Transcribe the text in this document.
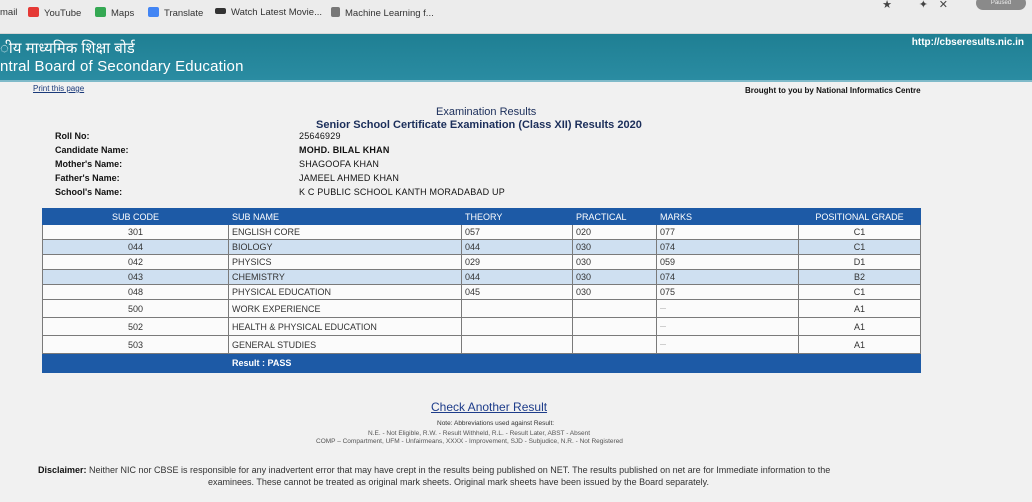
mail	YouTube	Maps	Translate	Watch Latest Movie...	Machine Learning f...
★ ✦ ✕	Paused
ीय माध्यमिक शिक्षा बोर्ड
ntral Board of Secondary Education
http://cbseresults.nic.in
Print this page	Brought to you by National Informatics Centre
Examination Results
Senior School Certificate Examination (Class XII) Results 2020
Roll No:	25646929
Candidate Name:	MOHD. BILAL KHAN
Mother's Name:	SHAGOOFA KHAN
Father's Name:	JAMEEL AHMED KHAN
School's Name:	K C PUBLIC SCHOOL KANTH MORADABAD UP
SUB CODE	SUB NAME	THEORY	PRACTICAL	MARKS	POSITIONAL GRADE
301	ENGLISH CORE	057	020	077	C1
044	BIOLOGY	044	030	074	C1
042	PHYSICS	029	030	059	D1
043	CHEMISTRY	044	030	074	B2
048	PHYSICAL EDUCATION	045	030	075	C1
500	WORK EXPERIENCE			---	A1
502	HEALTH & PHYSICAL EDUCATION			---	A1
503	GENERAL STUDIES			---	A1
	Result : PASS				
Check Another Result
Note: Abbreviations used against Result:
N.E. - Not Eligible, R.W. - Result Withheld, R.L. - Result Later, ABST - Absent
COMP – Compartment, UFM - Unfairmeans, XXXX - Improvement, SJD - Subjudice, N.R. - Not Registered
Disclaimer: Neither NIC nor CBSE is responsible for any inadvertent error that may have crept in the results being published on NET. The results published on net are for Immediate information to the
examinees. These cannot be treated as original mark sheets. Original mark sheets have been issued by the Board separately.
